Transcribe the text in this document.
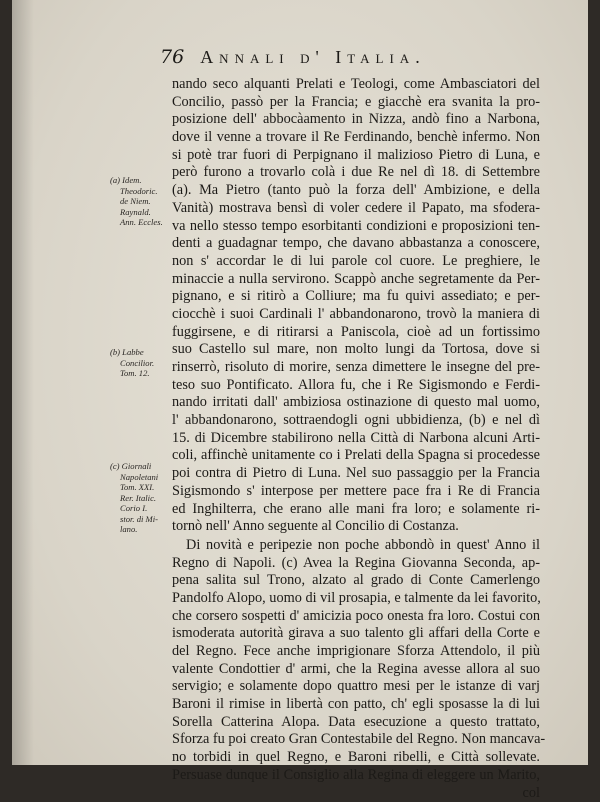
76 Annali d' Italia.
nando seco alquanti Prelati e Teologi, come Ambasciatori del
Concilio, passò per la Francia; e giacchè era svanita la pro-
posizione dell' abbocàamento in Nizza, andò fino a Narbona,
dove il venne a trovare il Re Ferdinando, benchè infermo. Non
si potè trar fuori di Perpignano il malizioso Pietro di Luna, e
però furono a trovarlo colà i due Re nel dì 18. di Settembre
(a). Ma Pietro (tanto può la forza dell' Ambizione, e della
Vanità) mostrava bensì di voler cedere il Papato, ma sfodera-
va nello stesso tempo esorbitanti condizioni e proposizioni ten-
denti a guadagnar tempo, che davano abbastanza a conoscere,
non s' accordar le di lui parole col cuore. Le preghiere, le
minaccie a nulla servirono. Scappò anche segretamente da Per-
pignano, e si ritirò a Colliure; ma fu quivi assediato; e per-
ciocchè i suoi Cardinali l' abbandonarono, trovò la maniera di
fuggirsene, e di ritirarsi a Paniscola, cioè ad un fortissimo
suo Castello sul mare, non molto lungi da Tortosa, dove si
rinserrò, risoluto di morire, senza dimettere le insegne del pre-
teso suo Pontificato. Allora fu, che i Re Sigismondo e Ferdi-
nando irritati dall' ambiziosa ostinazione di questo mal uomo,
l' abbandonarono, sottraendogli ogni ubbidienza, (b) e nel dì
15. di Dicembre stabilirono nella Città di Narbona alcuni Arti-
coli, affinchè unitamente co i Prelati della Spagna si procedesse
poi contra di Pietro di Luna. Nel suo passaggio per la Francia
Sigismondo s' interpose per mettere pace fra i Re di Francia
ed Inghilterra, che erano alle mani fra loro; e solamente ri-
tornò nell' Anno seguente al Concilio di Costanza.
Di novità e peripezie non poche abbondò in quest' Anno il
Regno di Napoli. (c) Avea la Regina Giovanna Seconda, ap-
pena salita sul Trono, alzato al grado di Conte Camerlengo
Pandolfo Alopo, uomo di vil prosapia, e talmente da lei favorito,
che corsero sospetti d' amicizia poco onesta fra loro. Costui con
ismoderata autorità girava a suo talento gli affari della Corte e
del Regno. Fece anche imprigionare Sforza Attendolo, il più
valente Condottier d' armi, che la Regina avesse allora al suo
servigio; e solamente dopo quattro mesi per le istanze di varj
Baroni il rimise in libertà con patto, ch' egli sposasse la di lui
Sorella Catterina Alopa. Data esecuzione a questo trattato,
Sforza fu poi creato Gran Contestabile del Regno. Non mancava-
no torbidi in quel Regno, e Baroni ribelli, e Città sollevate.
Persuase dunque il Consiglio alla Regina di eleggere un Marito,
col
(a) Idem.
Theodoric.
de Niem.
Raynald.
Ann. Eccles.
(b) Labbe
Concilior.
Tom. 12.
(c) Giornali
Napoletani
Tom. XXI.
Rer. Italic.
Corio I.
stor. di Mi-
lano.
